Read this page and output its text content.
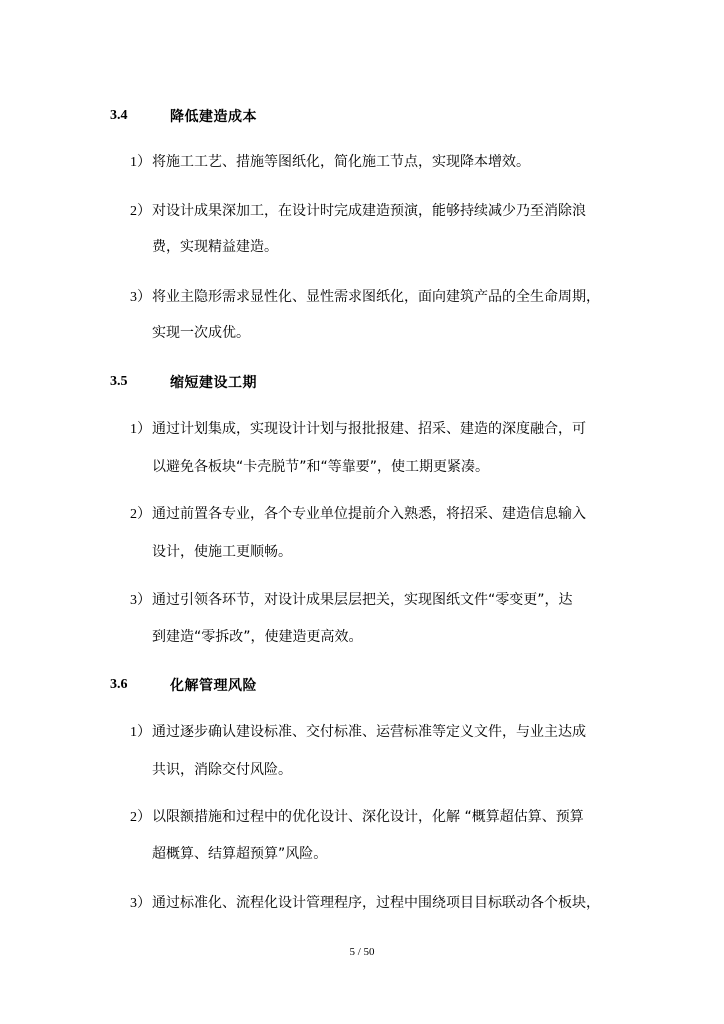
3.4	降低建造成本
1）将施工工艺、措施等图纸化，简化施工节点，实现降本增效。
2）对设计成果深加工，在设计时完成建造预演，能够持续减少乃至消除浪
费，实现精益建造。
3）将业主隐形需求显性化、显性需求图纸化，面向建筑产品的全生命周期，
实现一次成优。
3.5	缩短建设工期
1）通过计划集成，实现设计计划与报批报建、招采、建造的深度融合，可
以避免各板块“卡壳脱节”和“等靠要”，使工期更紧凑。
2）通过前置各专业，各个专业单位提前介入熟悉，将招采、建造信息输入
设计，使施工更顺畅。
3）通过引领各环节，对设计成果层层把关，实现图纸文件“零变更”，达
到建造“零拆改”，使建造更高效。
3.6	化解管理风险
1）通过逐步确认建设标准、交付标准、运营标准等定义文件，与业主达成
共识，消除交付风险。
2）以限额措施和过程中的优化设计、深化设计，化解 “概算超估算、预算
超概算、结算超预算”风险。
3）通过标准化、流程化设计管理程序，过程中围绕项目目标联动各个板块，
5 / 50
